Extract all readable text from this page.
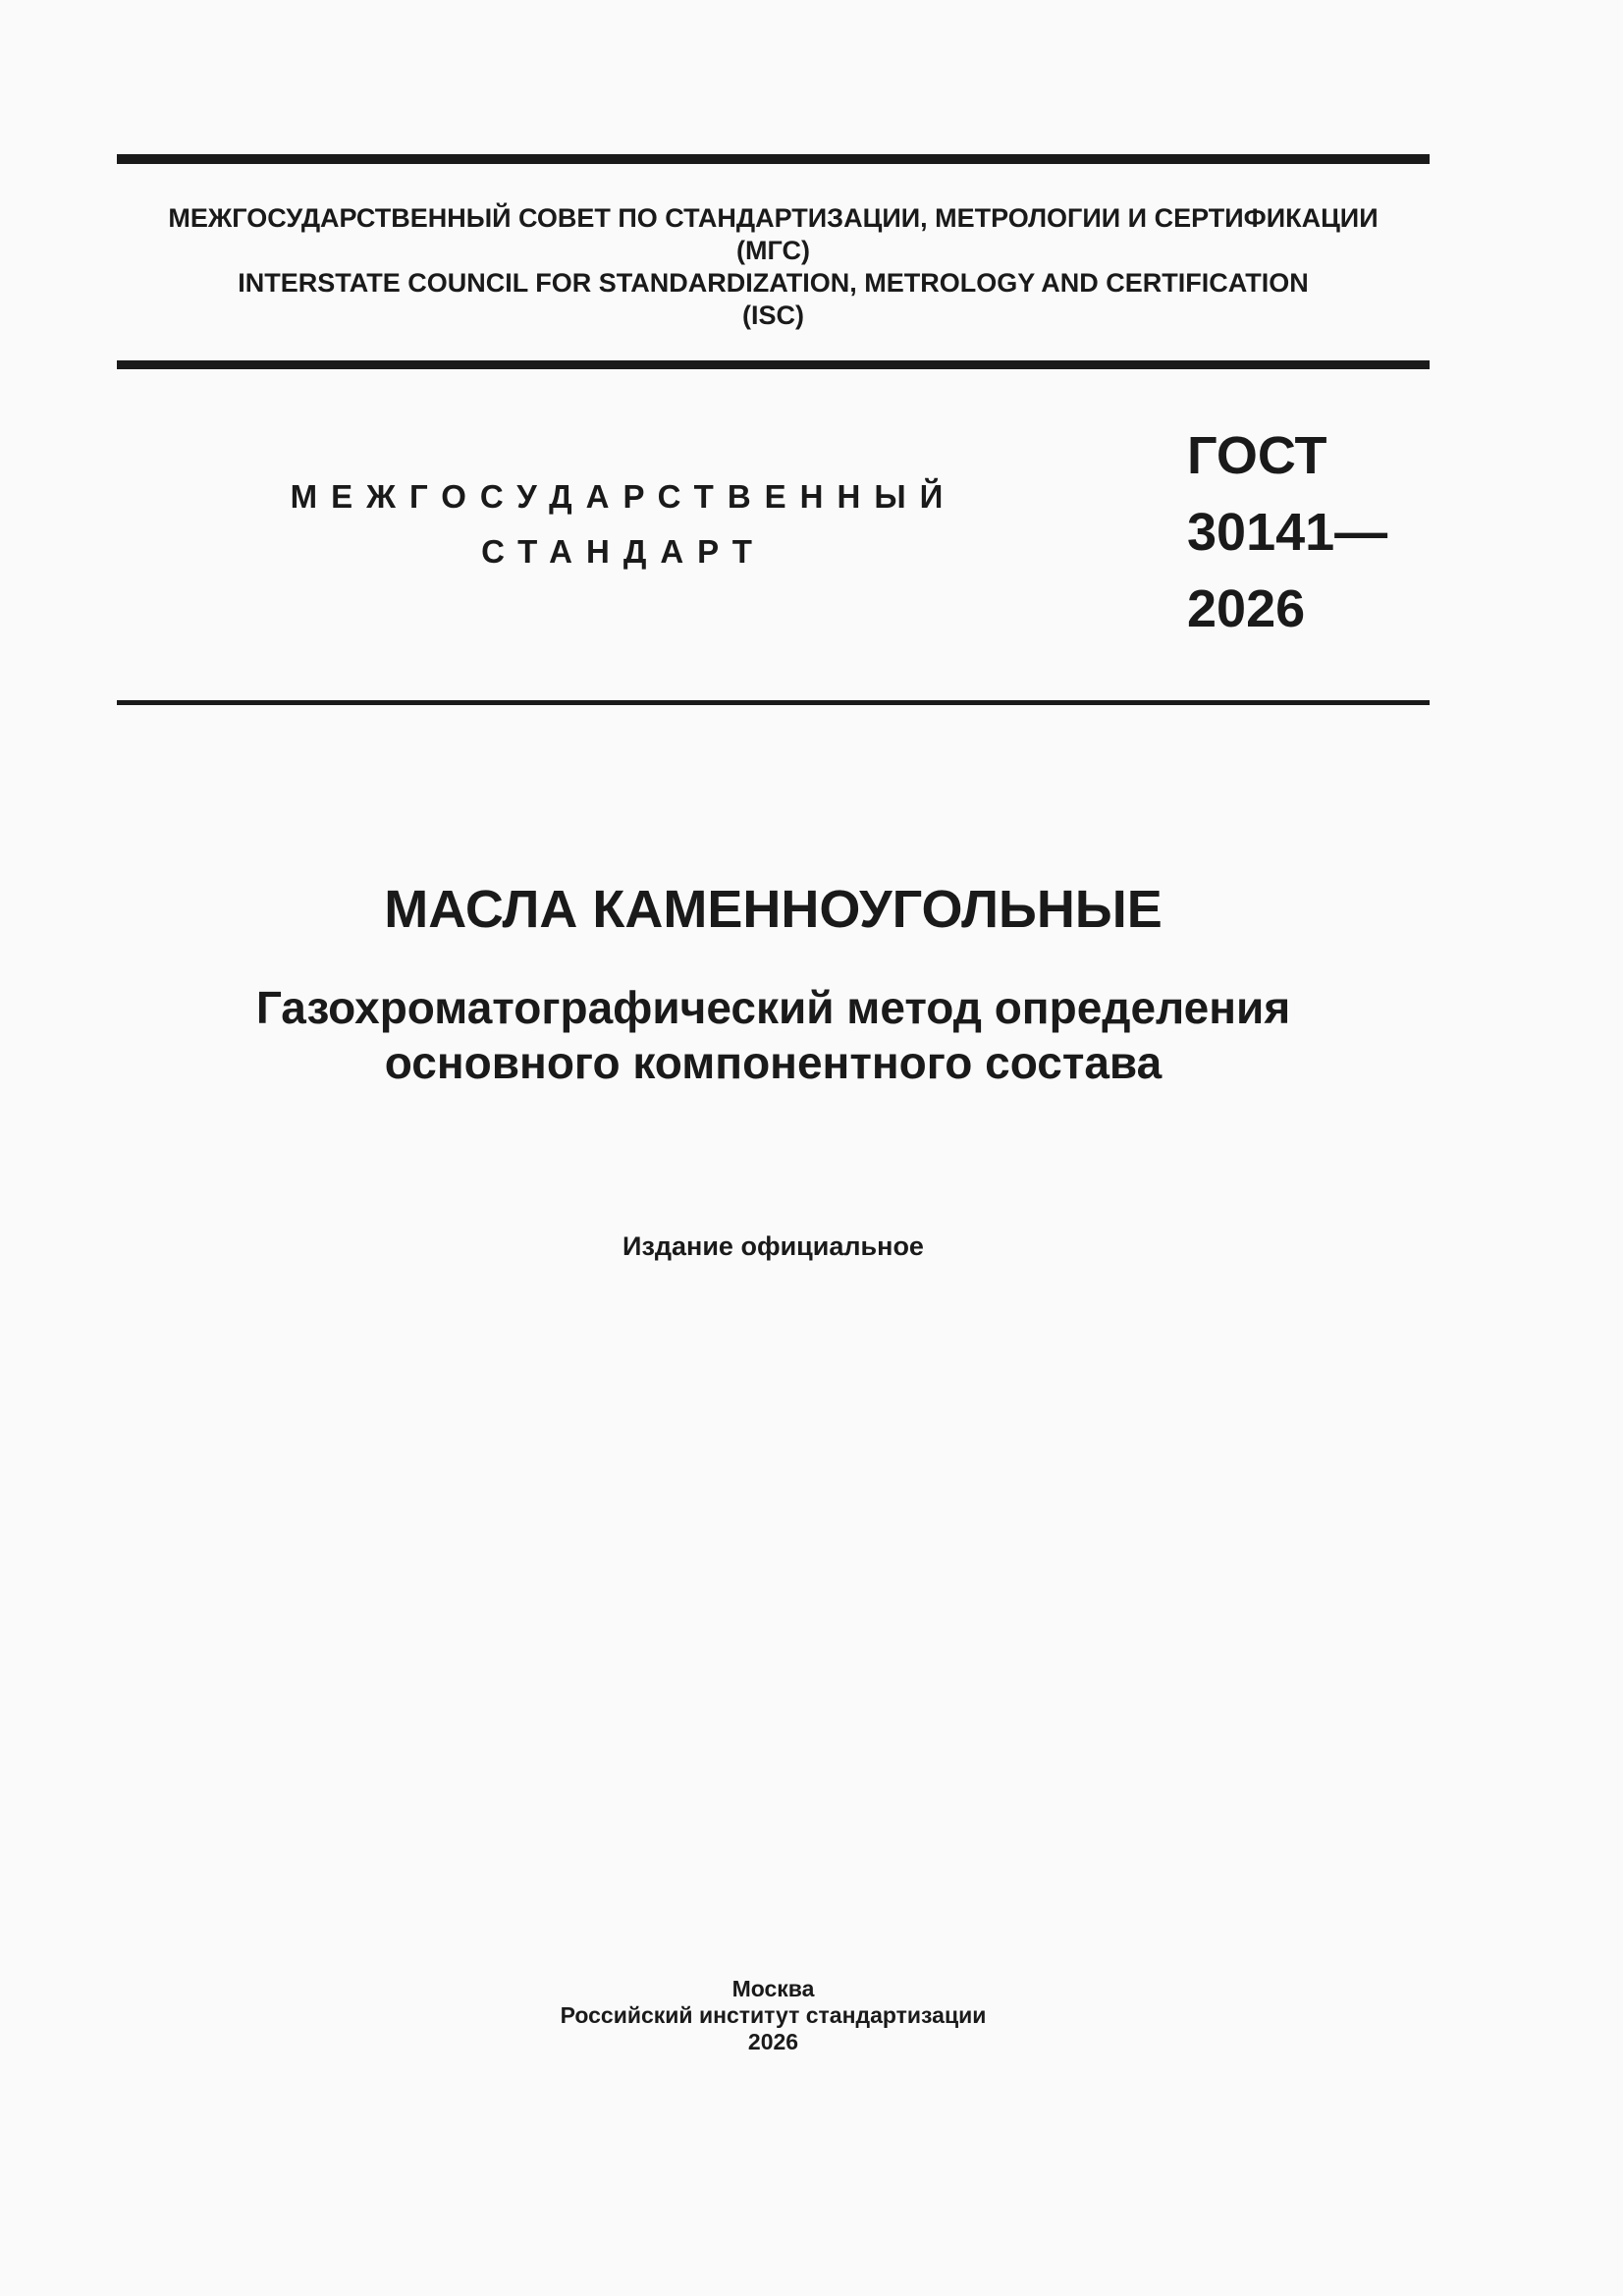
МЕЖГОСУДАРСТВЕННЫЙ СОВЕТ ПО СТАНДАРТИЗАЦИИ, МЕТРОЛОГИИ И СЕРТИФИКАЦИИ
(МГС)
INTERSTATE COUNCIL FOR STANDARDIZATION, METROLOGY AND CERTIFICATION
(ISC)
МЕЖГОСУДАРСТВЕННЫЙ
СТАНДАРТ
ГОСТ
30141—
2026
МАСЛА КАМЕННОУГОЛЬНЫЕ
Газохроматографический метод определения
основного компонентного состава
Издание официальное
Москва
Российский институт стандартизации
2026
